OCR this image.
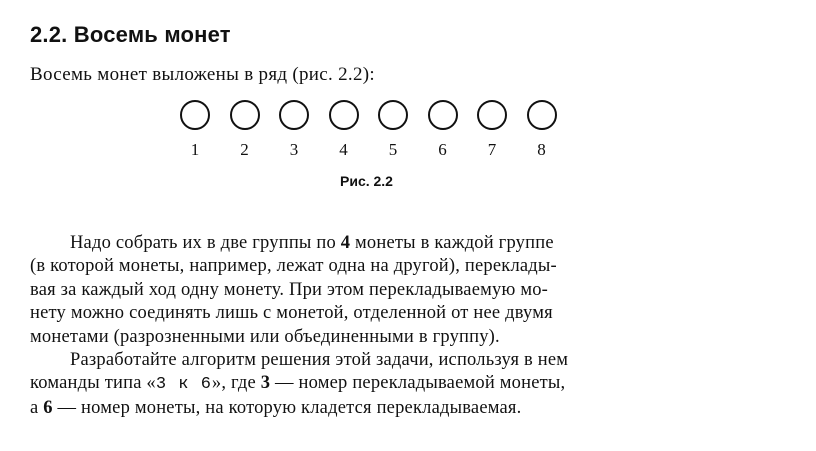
2.2. Восемь монет
Восемь монет выложены в ряд (рис. 2.2):
1	2	3	4	5	6	7	8
Рис. 2.2
Надо собрать их в две группы по 4 монеты в каждой группе
(в которой монеты, например, лежат одна на другой), переклады-
вая за каждый ход одну монету. При этом перекладываемую мо-
нету можно соединять лишь с монетой, отделенной от нее двумя
монетами (разрозненными или объединенными в группу).
Разработайте алгоритм решения этой задачи, используя в нем
команды типа «3 к 6», где 3 — номер перекладываемой монеты,
а 6 — номер монеты, на которую кладется перекладываемая.
